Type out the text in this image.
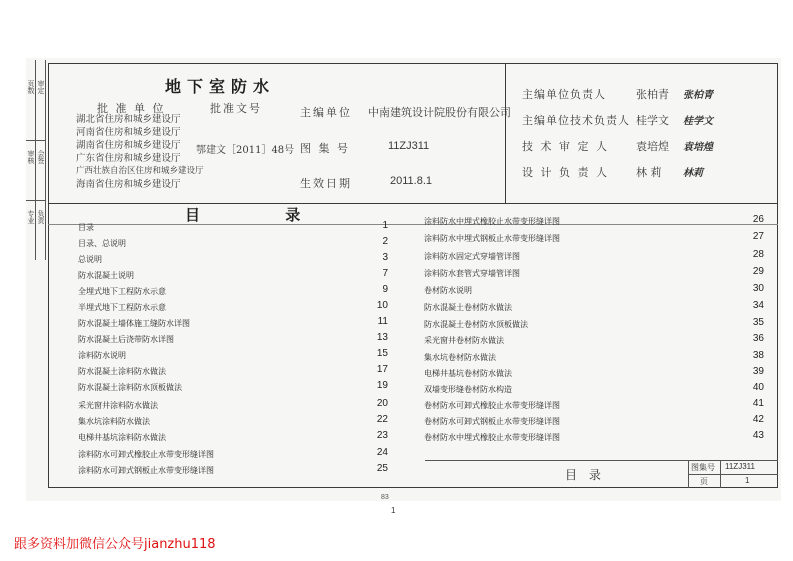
审定
页数
会签
审核
负责
专业
地下室防水
批 准 单 位	批准文号
湖北省住房和城乡建设厅
河南省住房和城乡建设厅
湖南省住房和城乡建设厅
广东省住房和城乡建设厅
广西壮族自治区住房和城乡建设厅
海南省住房和城乡建设厅
鄂建文［2011］48号
主编单位 中南建筑设计院股份有限公司
图 集 号	11ZJ311
生效日期	2011.8.1
主编单位负责人	张柏青 张柏青
主编单位技术负责人 桂学文 桂学文
技 术 审 定 人 袁培煌 袁培煌
设 计 负 责 人 林 莉 林莉
目 录
目录	1
目录、总说明	2
总说明	3
防水混凝土说明	7
全埋式地下工程防水示意	9
半埋式地下工程防水示意	10
防水混凝土墙体施工缝防水详图	11
防水混凝土后浇带防水详图	13
涂料防水说明	15
防水混凝土涂料防水做法	17
防水混凝土涂料防水顶板做法	19
采光窗井涂料防水做法	20
集水坑涂料防水做法	22
电梯井基坑涂料防水做法	23
涂料防水可卸式橡胶止水带变形缝详图	24
涂料防水可卸式钢板止水带变形缝详图	25
涂料防水中埋式橡胶止水带变形缝详图	26
涂料防水中埋式钢板止水带变形缝详图	27
涂料防水固定式穿墙管详图	28
涂料防水套管式穿墙管详图	29
卷材防水说明	30
防水混凝土卷材防水做法	34
防水混凝土卷材防水顶板做法	35
采光窗井卷材防水做法	36
集水坑卷材防水做法	38
电梯井基坑卷材防水做法	39
双墙变形缝卷材防水构造	40
卷材防水可卸式橡胶止水带变形缝详图	41
卷材防水可卸式钢板止水带变形缝详图	42
卷材防水中埋式橡胶止水带变形缝详图	43
目 录
图集号 11ZJ311
页	1
83
1
跟多资料加微信公众号jianzhu118
